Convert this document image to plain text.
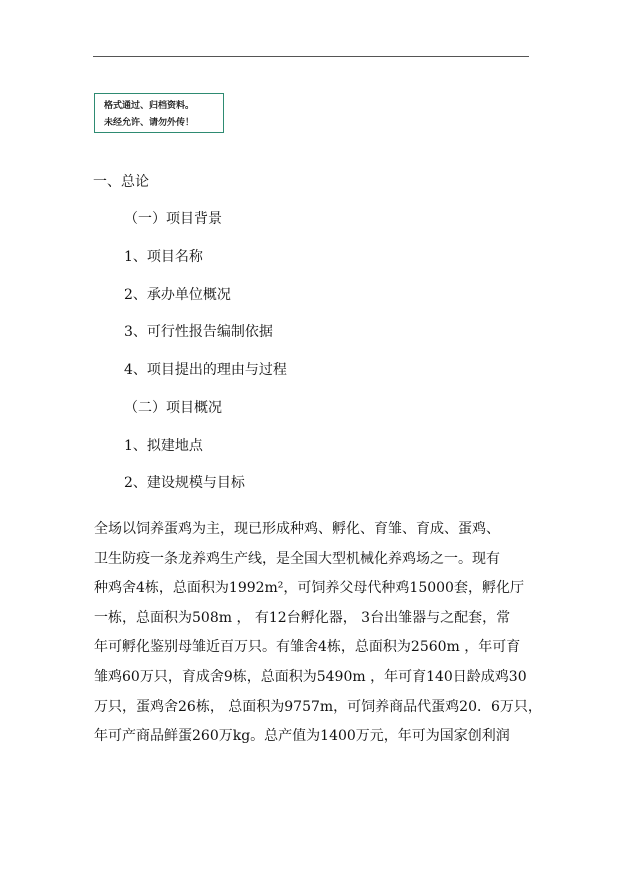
格式通过、归档资料。
未经允许、请勿外传！
一、总论
（一）项目背景
1、项目名称
2、承办单位概况
3、可行性报告编制依据
4、项目提出的理由与过程
（二）项目概况
1、拟建地点
2、建设规模与目标
全场以饲养蛋鸡为主，现已形成种鸡、孵化、育雏、育成、蛋鸡、
卫生防疫一条龙养鸡生产线，是全国大型机械化养鸡场之一。现有
种鸡舍4栋，总面积为1992m²，可饲养父母代种鸡15000套，孵化厅
一栋，总面积为508m ， 有12台孵化器， 3台出雏器与之配套，常
年可孵化鉴别母雏近百万只。有雏舍4栋，总面积为2560m ，年可育
雏鸡60万只，育成舍9栋，总面积为5490m ，年可育140日龄成鸡30
万只，蛋鸡舍26栋， 总面积为9757m，可饲养商品代蛋鸡20．6万只，
年可产商品鲜蛋260万kg。总产值为1400万元，年可为国家创利润
